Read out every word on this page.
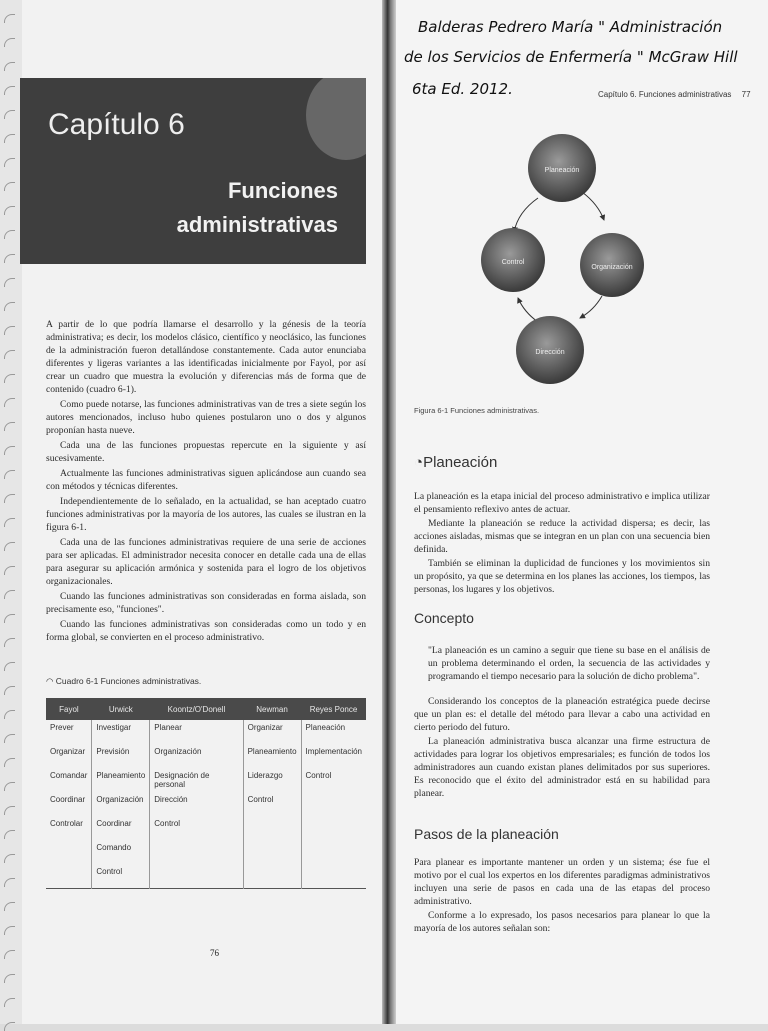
Balderas Pedrero María " Administración
de los Servicios de Enfermería " McGraw Hill
6ta Ed. 2012.
Capítulo 6
Funciones
administrativas

A partir de lo que podría llamarse el desarrollo y la génesis de la teoría administrativa; es decir, los modelos clásico, científico y neoclásico, las funciones de la administración fueron detallándose constantemente. Cada autor enunciaba diferentes y ligeras variantes a las identificadas inicialmente por Fayol, por así crear un cuadro que muestra la evolución y diferencias más de forma que de contenido (cuadro 6-1).

Como puede notarse, las funciones administrativas van de tres a siete según los autores mencionados, incluso hubo quienes postularon uno o dos y algunos proponían hasta nueve.

Cada una de las funciones propuestas repercute en la siguiente y así sucesivamente.

Actualmente las funciones administrativas siguen aplicándose aun cuando sea con métodos y técnicas diferentes.

Independientemente de lo señalado, en la actualidad, se han aceptado cuatro funciones administrativas por la mayoría de los autores, las cuales se ilustran en la figura 6-1.

Cada una de las funciones administrativas requiere de una serie de acciones para ser aplicadas. El administrador necesita conocer en detalle cada una de ellas para asegurar su aplicación armónica y sostenida para el logro de los objetivos organizacionales.

Cuando las funciones administrativas son consideradas en forma aislada, son precisamente eso, "funciones".

Cuando las funciones administrativas son consideradas como un todo y en forma global, se convierten en el proceso administrativo.

◠ Cuadro 6-1 Funciones administrativas.
Fayol	Urwick	Koontz/O'Donell	Newman	Reyes Ponce
Prever	Investigar	Planear	Organizar	Planeación
Organizar	Previsión	Organización	Planeamiento	Implementación
Comandar	Planeamiento	Designación de personal	Liderazgo	Control
Coordinar	Organización	Dirección	Control	
Controlar	Coordinar	Control		
	Comando			
	Control			
76
Capítulo 6. Funciones administrativas 77
Planeación
Organización
Dirección
Control
Figura 6-1 Funciones administrativas.
◔Planeación

La planeación es la etapa inicial del proceso administrativo e implica utilizar el pensamiento reflexivo antes de actuar.

Mediante la planeación se reduce la actividad dispersa; es decir, las acciones aisladas, mismas que se integran en un plan con una secuencia bien definida.

También se eliminan la duplicidad de funciones y los movimientos sin un propósito, ya que se determina en los planes las acciones, los tiempos, las personas, los lugares y los objetivos.

Concepto

"La planeación es un camino a seguir que tiene su base en el análisis de un problema determinando el orden, la secuencia de las actividades y programando el tiempo necesario para la solución de dicho problema".

Considerando los conceptos de la planeación estratégica puede decirse que un plan es: el detalle del método para llevar a cabo una actividad en cierto periodo del futuro.

La planeación administrativa busca alcanzar una firme estructura de actividades para lograr los objetivos empresariales; es función de todos los administradores aun cuando existan planes delimitados por sus superiores. Es reconocido que el éxito del administrador está en su habilidad para planear.

Pasos de la planeación

Para planear es importante mantener un orden y un sistema; ése fue el motivo por el cual los expertos en los diferentes paradigmas administrativos incluyen una serie de pasos en cada una de las etapas del proceso administrativo.

Conforme a lo expresado, los pasos necesarios para planear lo que la mayoría de los autores señalan son:
